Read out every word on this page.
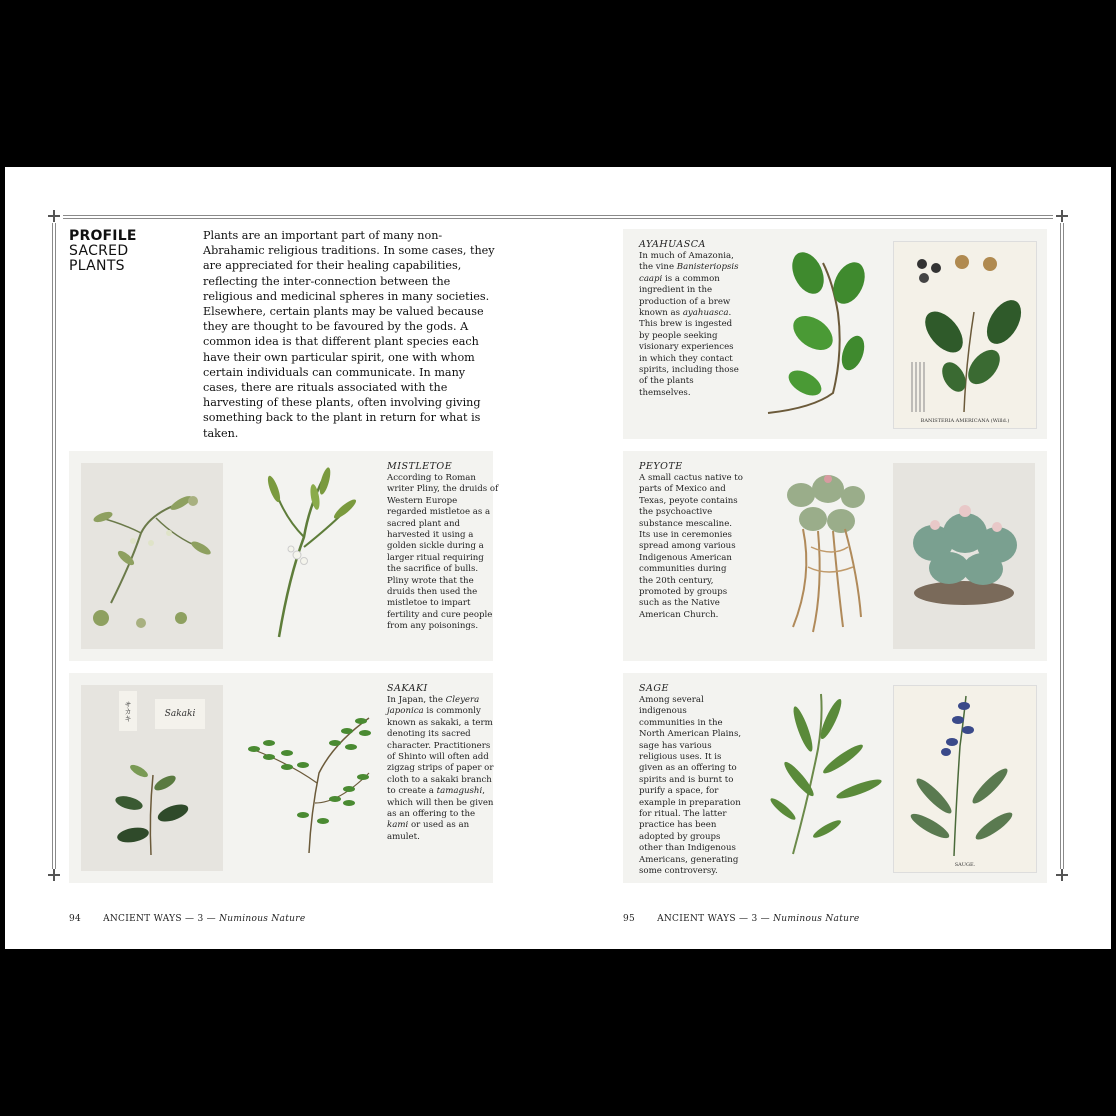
PROFILE
SACRED
PLANTS
Plants are an important part of many non-Abrahamic religious traditions. In some cases, they are appreciated for their healing capabilities, reflecting the inter-connection between the religious and medicinal spheres in many societies. Elsewhere, certain plants may be valued because they are thought to be favoured by the gods. A common idea is that different plant species each have their own particular spirit, one with whom certain individuals can communicate. In many cases, there are rituals associated with the harvesting of these plants, often involving giving something back to the plant in return for what is taken.
MISTLETOE
According to Roman writer Pliny, the druids of Western Europe regarded mistletoe as a sacred plant and harvested it using a golden sickle during a larger ritual requiring the sacrifice of bulls. Pliny wrote that the druids then used the mistletoe to impart fertility and cure people from any poisonings.
サカキ	Sakaki
SAKAKI
In Japan, the Cleyera japonica is commonly known as sakaki, a term denoting its sacred character. Practitioners of Shinto will often add zigzag strips of paper or cloth to a sakaki branch to create a tamagushi, which will then be given as an offering to the kami or used as an amulet.
AYAHUASCA
In much of Amazonia, the vine Banisteriopsis caapi is a common ingredient in the production of a brew known as ayahuasca. This brew is ingested by people seeking visionary experiences in which they contact spirits, including those of the plants themselves.
BANISTERIA AMERICANA (Willd.)
PEYOTE
A small cactus native to parts of Mexico and Texas, peyote contains the psychoactive substance mescaline. Its use in ceremonies spread among various Indigenous American communities during the 20th century, promoted by groups such as the Native American Church.
SAGE
Among several indigenous communities in the North American Plains, sage has various religious uses. It is given as an offering to spirits and is burnt to purify a space, for example in preparation for ritual. The latter practice has been adopted by groups other than Indigenous Americans, generating some controversy.
SAUGE.
94 ANCIENT WAYS — 3 — Numinous Nature	95 ANCIENT WAYS — 3 — Numinous Nature
